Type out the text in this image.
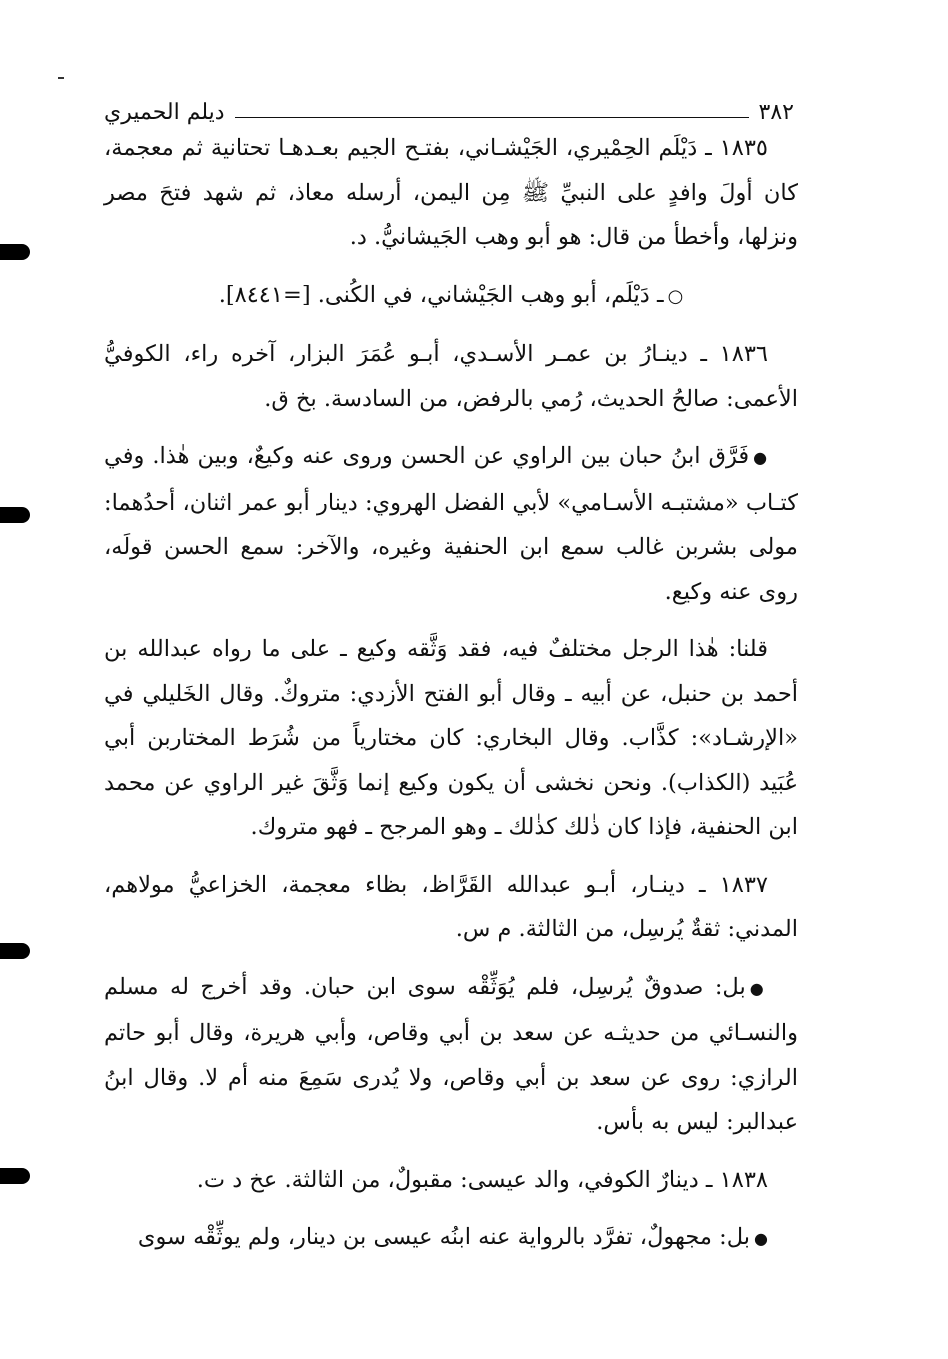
٣٨٢
ديلم الحميري

١٨٣٥ ـ دَيْلَم الحِمْيري، الجَيْشـاني، بفتـح الجيم بعـدهـا تحتانية ثم معجمة، كان أولَ وافدٍ على النبيِّ ﷺ مِن اليمن، أرسله معاذ، ثم شهد فتحَ مصر ونزلها، وأخطأ من قال: هو أبو وهب الجَيشانيُّ. د.

○ـ دَيْلَم، أبو وهب الجَيْشاني، في الكُنى. [=٨٤٤١].

١٨٣٦ ـ دينـارُ بن عمـر الأسـدي، أبـو عُمَرَ البزار، آخره راء، الكوفيُّ الأعمى: صالحُ الحديث، رُمي بالرفض، من السادسة. بخ ق.

●فَرَّق ابنُ حبان بين الراوي عن الحسن وروى عنه وكيعٌ، وبين هٰذا. وفي كتـاب «مشتبـه الأسـامي» لأبي الفضل الهروي: دينار أبو عمر اثنان، أحدُهما: مولى بشربن غالب سمع ابن الحنفية وغيره، والآخر: سمع الحسن قولَه، روى عنه وكيع.

قلنا: هٰذا الرجل مختلفٌ فيه، فقد وَثَّقه وكيع ـ على ما رواه عبدالله بن أحمد بن حنبل، عن أبيه ـ وقال أبو الفتح الأزدي: متروكٌ. وقال الخَليلي في «الإرشـاد»: كذَّاب. وقال البخاري: كان مختارياً من شُرَط المختاربن أبي عُبَيد (الكذاب). ونحن نخشى أن يكون وكيع إنما وَثَّقَ غير الراوي عن محمد ابن الحنفية، فإذا كان ذٰلك كذٰلك ـ وهو المرجح ـ فهو متروك.

١٨٣٧ ـ دينـار، أبـو عبدالله القَرَّاظ، بظاء معجمة، الخزاعيُّ مولاهم، المدني: ثقةٌ يُرسِل، من الثالثة. م س.

●بل: صدوقٌ يُرسِل، فلم يُوَثِّقْه سوى ابن حبان. وقد أخرج له مسلم والنسـائي من حديثـه عن سعد بن أبي وقاص، وأبي هريرة، وقال أبو حاتم الرازي: روى عن سعد بن أبي وقاص، ولا يُدرى سَمِعَ منه أم لا. وقال ابنُ عبدالبر: ليس به بأس.

١٨٣٨ ـ دينارٌ الكوفي، والد عيسى: مقبولٌ، من الثالثة. عخ د ت.

●بل: مجهولٌ، تفرَّد بالرواية عنه ابنُه عيسى بن دينار، ولم يوثِّقْه سوى
